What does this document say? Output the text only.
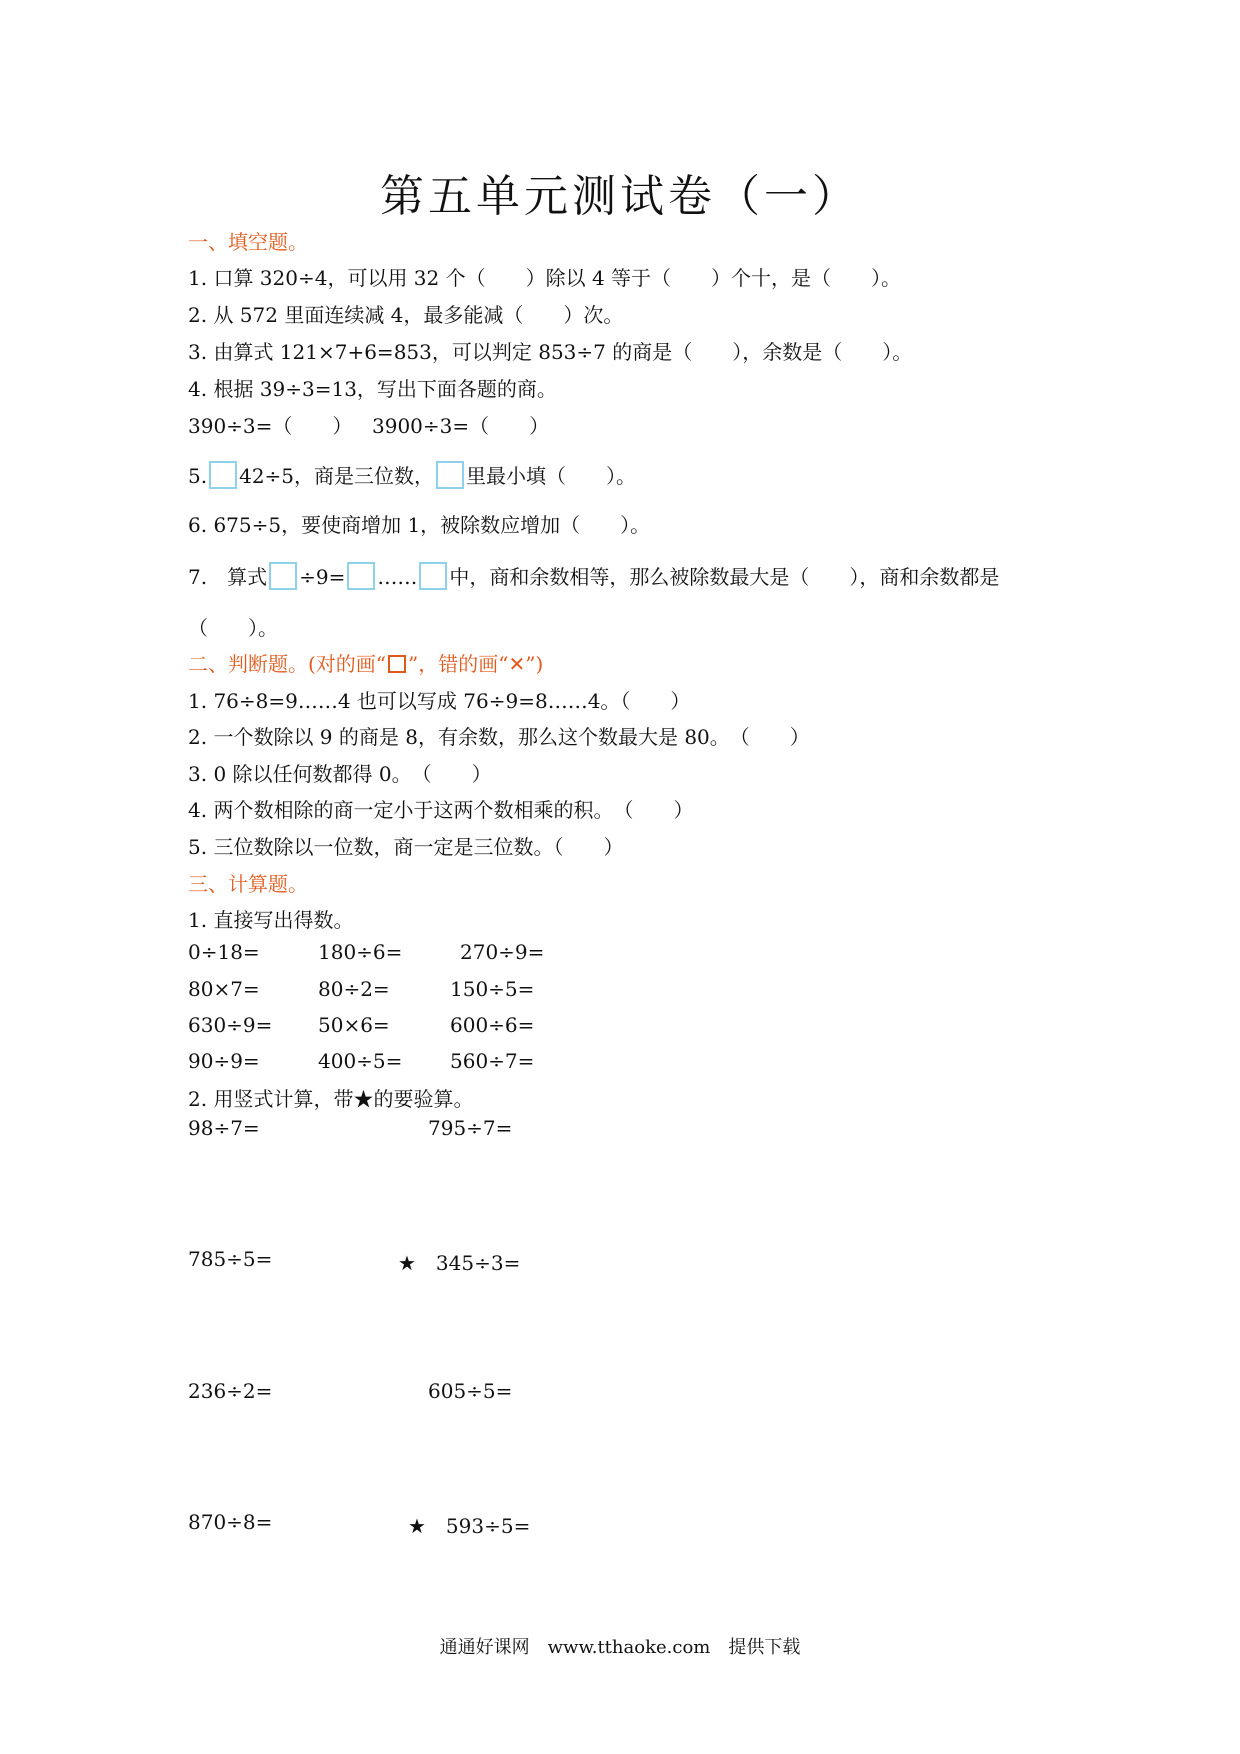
第五单元测试卷（一）
一、填空题。
1. 口算 320÷4，可以用 32 个（　　）除以 4 等于（　　）个十，是（　　）。
2. 从 572 里面连续减 4，最多能减（　　）次。
3. 由算式 121×7+6=853，可以判定 853÷7 的商是（　　），余数是（　　）。
4. 根据 39÷3=13，写出下面各题的商。
390÷3=（　　） 3900÷3=（　　）
5. 42÷5，商是三位数， 里最小填（　　）。
6. 675÷5，要使商增加 1，被除数应增加（　　）。
7.　算式 ÷9= …… 中，商和余数相等，那么被除数最大是（　　），商和余数都是
（　　）。
二、判断题。(对的画“ ”，错的画“✕”)
1. 76÷8=9……4 也可以写成 76÷9=8……4。（　　）
2. 一个数除以 9 的商是 8，有余数，那么这个数最大是 80。　（　　）
3. 0 除以任何数都得 0。　（　　）
4. 两个数相除的商一定小于这两个数相乘的积。　（　　）
5. 三位数除以一位数，商一定是三位数。（　　）
三、计算题。
1. 直接写出得数。
0÷18=	180÷6=	270÷9=
80×7=	80÷2=	150÷5=
630÷9= 50×6=	600÷6=
90÷9=	400÷5= 560÷7=
2. 用竖式计算，带★的要验算。
98÷7=	795÷7=
785÷5=	★　345÷3=
236÷2=	605÷5=
870÷8=	★　593÷5=
通通好课网　www.tthaoke.com　提供下载
